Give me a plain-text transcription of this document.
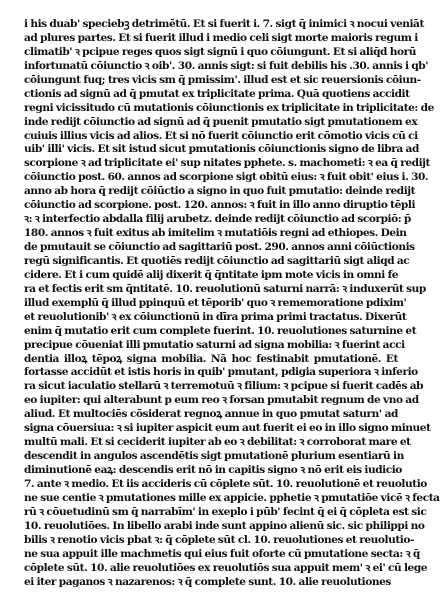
i his duab' speciebꝫ detrimētū. Et si fuerit i. 7. sigt q̄ inimici ꝛ nocui veniāt
ad plures partes. Et si fuerit illud i medio celi sigt morte maioris regum i
climatib' ꝛ pcipue reges quos sigt signū i quo cōiungunt. Et si aliq̄d horū
infortunatū cōiunctio ꝛ oib'. 30. annis sigt: si fuit debilis his .30. annis i qb'
cōiungunt fuq; tres vicis sm q̄ pmissim'. illud est et sic reuersionis cōiun-
ctionis ad signū ad q̄ pmutat ex triplicitate prima. Quā quotiens accidit
regni vicissitudo cū mutationis cōiunctionis ex triplicitate in triplicitate: de
inde redijt cōiunctio ad signū ad q̄ puenit pmutatio sigt pmutationem ex
cuiuis illius vicis ad alios. Et si nō fuerit cōiunctio erit cōmotio vicis cū ci
uib' illi' vicis. Et sit istud sicut pmutationis cōiunctionis signo de libra ad
scorpione ꝛ ad triplicitate ei' sup nitates pphete. s. machometi: ꝛ ea q̄ redijt
cōiunctio post. 60. annos ad scorpione sigt obitū eius: ꝛ fuit obit' eius i. 30.
anno ab hora q̄ redijt cōiūctio a signo in quo fuit pmutatio: deinde redijt
cōiunctio ad scorpione. post. 120. annos: ꝛ fuit in illo anno diruptio tēpli
ꝛ: ꝛ interfectio abdalla filij arubetz. deinde redijt cōiunctio ad scorpiō: p̄
180. annos ꝛ fuit exitus ab imitelim ꝛ mutatiōis regni ad ethiopes. Dein
de pmutauit se cōiunctio ad sagittariū post. 290. annos anni cōiūctionis
regū significantis. Et quotiēs redijt cōiunctio ad sagittariū sigt aliqd ac
cidere. Et i cum quidē alij dixerit q̄ q̄ntitate ipm mote vicis in omni fe
ra et fectis erit sm q̄ntitatē. 10. reuolutionū saturni narrā: ꝛ induxerūt sup
illud exemplū q̄ illud ppinquū et tēporib' quo ꝛ rememoratione pdixim'
et reuolutionib' ꝛ ex cōiunctionū in dīra prima primi tractatus. Dixerūt
enim q̄ mutatio erit cum complete fuerint. 10. reuolutiones saturnine et
precipue cōueniat illi pmutatio saturni ad signa mobilia: ꝛ fuerint acci
dentia illoꝝ tēpoꝝ signa mobilia. Nā hoc festinabit pmutationē. Et
fortasse accidūt et istis horis in quib' pmutant, pdigia superiora ꝛ inferio
ra sicut iaculatio stellarū ꝛ terremotuū ꝛ filium: ꝛ pcipue si fuerit cadēs ab
eo iupiter: qui alterabunt p eum reo ꝛ forsan pmutabit regnum de vno ad
aliud. Et multociēs cōsiderat regnoꝝ annue in quo pmutat saturn' ad
signa cōuersiua: ꝛ si iupiter aspicit eum aut fuerit ei eo in illo signo minuet
multū mali. Et si ceciderit iupiter ab eo ꝛ debilitat: ꝛ corroborat mare et
descendit in angulos ascendētis sigt pmutationē plurium esentiarū in
diminutionē eaꝝ: descendis erit nō in capitis signo ꝛ nō erit eis iudicio
7. ante ꝛ medio. Et iis accideris cū cōplete sūt. 10. reuolutionē et reuolutio
ne sue centie ꝛ pmutationes mille ex appicie. pphetie ꝛ pmutatiōe vicē ꝛ fecta
rū ꝛ cōuetudinū sm q̄ narrabīm' in exeplo i pūb' fecint q̄ ei q̄ cōpleta est sic
10. reuolutiōes. In libello arabi inde sunt appino alienū sic. sic philippi no
bilis ꝛ renotio vicis pbat ꝛ: q̄ cōplete sūt cl. 10. reuolutiones et reuolutio-
ne sua appuit ille machmetis qui eius fuit oforte cū pmutatione secta: ꝛ q̄
cōplete sūt. 10. alie reuolutiōes ex reuolutiōs sua appuit mem' ꝛ ei' cū lege
ei iter paganos ꝛ nazarenos: ꝛ q̄ complete sunt. 10. alie reuolutiones
